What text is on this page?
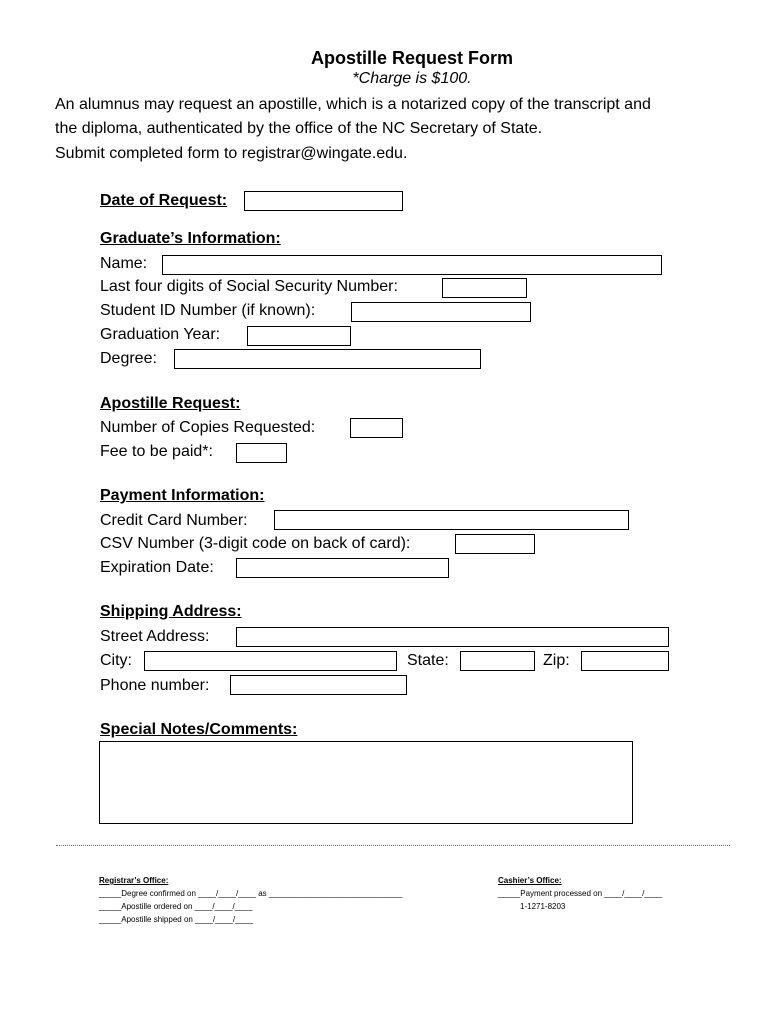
Apostille Request Form
*Charge is $100.
An alumnus may request an apostille, which is a notarized copy of the transcript and
the diploma, authenticated by the office of the NC Secretary of State.
Submit completed form to registrar@wingate.edu.
Date of Request:
Graduate’s Information:
Name:
Last four digits of Social Security Number:
Student ID Number (if known):
Graduation Year:
Degree:
Apostille Request:
Number of Copies Requested:
Fee to be paid*:
Payment Information:
Credit Card Number:
CSV Number (3-digit code on back of card):
Expiration Date:
Shipping Address:
Street Address:
City:	State:	Zip:
Phone number:
Special Notes/Comments:
Registrar’s Office:
_____Degree confirmed on ____/____/____ as ______________________________
_____Apostille ordered on ____/____/____
_____Apostille shipped on ____/____/____
Cashier’s Office:
_____Payment processed on ____/____/____
1-1271-8203
